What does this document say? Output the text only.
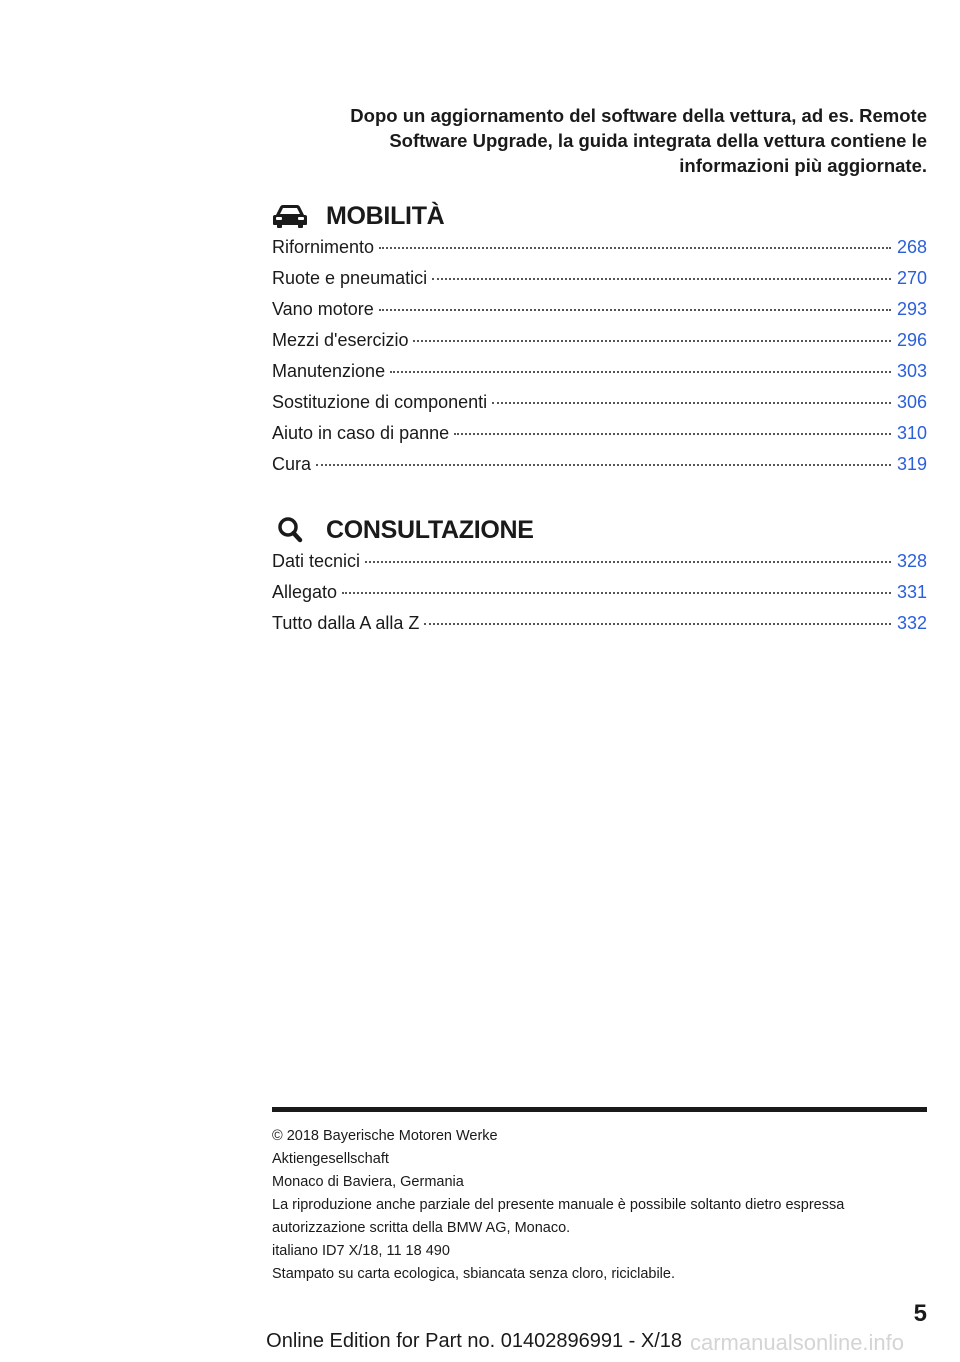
Dopo un aggiornamento del software della vettura, ad es. Remote
Software Upgrade, la guida integrata della vettura contiene le
informazioni più aggiornate.
MOBILITÀ
Rifornimento	268
Ruote e pneumatici	270
Vano motore	293
Mezzi d'esercizio	296
Manutenzione	303
Sostituzione di componenti	306
Aiuto in caso di panne	310
Cura	319
CONSULTAZIONE
Dati tecnici	328
Allegato	331
Tutto dalla A alla Z	332
© 2018 Bayerische Motoren Werke
Aktiengesellschaft
Monaco di Baviera, Germania
La riproduzione anche parziale del presente manuale è possibile soltanto dietro espressa
autorizzazione scritta della BMW AG, Monaco.
italiano ID7 X/18, 11 18 490
Stampato su carta ecologica, sbiancata senza cloro, riciclabile.
5
Online Edition for Part no. 01402896991 - X/18 carmanualsonline.info
